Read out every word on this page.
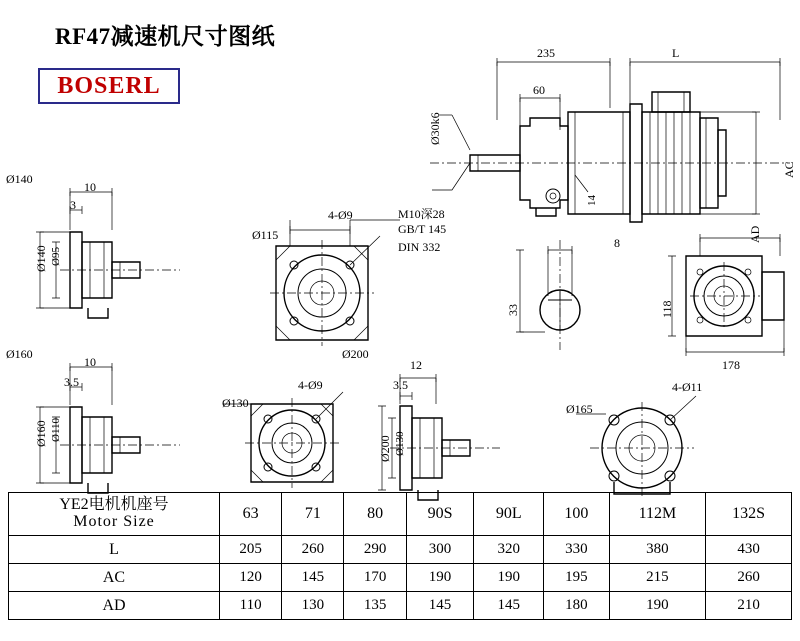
RF47减速机尺寸图纸
BOSERL
235	L
60
Ø30k6
AC
AD
14
M10深28
GB/T 145
DIN 332	8
33	118
178
Ø140
10
3
Ø140 Ø95
4-Ø9
Ø115
Ø160
10
3.5
Ø160 Ø110
4-Ø9
Ø130
Ø200
12
3.5
Ø200 Ø130
4-Ø11
Ø165
YE2电机机座号
Motor Size	63	71	80	90S	90L	100	112M	132S
L	205	260	290	300	320	330	380	430
AC	120	145	170	190	190	195	215	260
AD	110	130	135	145	145	180	190	210
